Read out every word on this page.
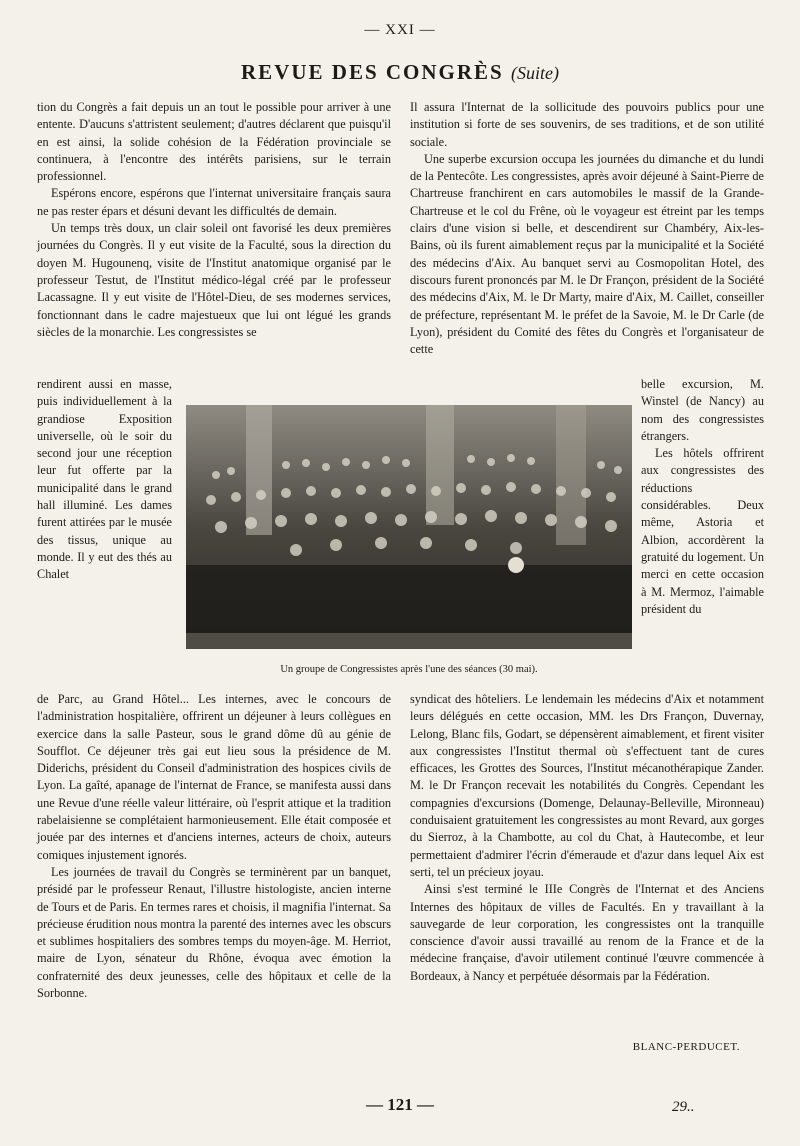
— XXI —
REVUE DES CONGRÈS (Suite)

tion du Congrès a fait depuis un an tout le possible pour arriver à une entente. D'aucuns s'attristent seulement; d'autres déclarent que puisqu'il en est ainsi, la solide cohésion de la Fédération provinciale se continuera, à l'encontre des intérêts parisiens, sur le terrain professionnel.

Espérons encore, espérons que l'internat universitaire français saura ne pas rester épars et désuni devant les difficultés de demain.

Un temps très doux, un clair soleil ont favorisé les deux premières journées du Congrès. Il y eut visite de la Faculté, sous la direction du doyen M. Hugounenq, visite de l'Institut anatomique organisé par le professeur Testut, de l'Institut médico-légal créé par le professeur Lacassagne. Il y eut visite de l'Hôtel-Dieu, de ses modernes services, fonctionnant dans le cadre majestueux que lui ont légué les grands siècles de la monarchie. Les congressistes se

Il assura l'Internat de la sollicitude des pouvoirs publics pour une institution si forte de ses souvenirs, de ses traditions, et de son utilité sociale.

Une superbe excursion occupa les journées du dimanche et du lundi de la Pentecôte. Les congressistes, après avoir déjeuné à Saint-Pierre de Chartreuse franchirent en cars automobiles le massif de la Grande-Chartreuse et le col du Frêne, où le voyageur est étreint par les temps clairs d'une vision si belle, et descendirent sur Chambéry, Aix-les-Bains, où ils furent aimablement reçus par la municipalité et la Société des médecins d'Aix. Au banquet servi au Cosmopolitan Hotel, des discours furent prononcés par M. le Dr Françon, président de la Société des médecins d'Aix, M. le Dr Marty, maire d'Aix, M. Caillet, conseiller de préfecture, représentant M. le préfet de la Savoie, M. le Dr Carle (de Lyon), président du Comité des fêtes du Congrès et l'organisateur de cette

rendirent aussi en masse, puis individuellement à la grandiose Exposition universelle, où le soir du second jour une réception leur fut offerte par la municipalité dans le grand hall illuminé. Les dames furent attirées par le musée des tissus, unique au monde. Il y eut des thés au Chalet

belle excursion, M. Winstel (de Nancy) au nom des congressistes étrangers.

Les hôtels offrirent aux congressistes des réductions considérables. Deux même, Astoria et Albion, accordèrent la gratuité du logement. Un merci en cette occasion à M. Mermoz, l'aimable président du

Un groupe de Congressistes après l'une des séances (30 mai).

de Parc, au Grand Hôtel... Les internes, avec le concours de l'administration hospitalière, offrirent un déjeuner à leurs collègues en exercice dans la salle Pasteur, sous le grand dôme dû au génie de Soufflot. Ce déjeuner très gai eut lieu sous la présidence de M. Diderichs, président du Conseil d'administration des hospices civils de Lyon. La gaîté, apanage de l'internat de France, se manifesta aussi dans une Revue d'une réelle valeur littéraire, où l'esprit attique et la tradition rabelaisienne se complétaient harmonieusement. Elle était composée et jouée par des internes et d'anciens internes, acteurs de choix, auteurs comiques injustement ignorés.

Les journées de travail du Congrès se terminèrent par un banquet, présidé par le professeur Renaut, l'illustre histologiste, ancien interne de Tours et de Paris. En termes rares et choisis, il magnifia l'internat. Sa précieuse érudition nous montra la parenté des internes avec les obscurs et sublimes hospitaliers des sombres temps du moyen-âge. M. Herriot, maire de Lyon, sénateur du Rhône, évoqua avec émotion la confraternité des deux jeunesses, celle des hôpitaux et celle de la Sorbonne.

syndicat des hôteliers. Le lendemain les médecins d'Aix et notamment leurs délégués en cette occasion, MM. les Drs Françon, Duvernay, Lelong, Blanc fils, Godart, se dépensèrent aimablement, et firent visiter aux congressistes l'Institut thermal où s'effectuent tant de cures efficaces, les Grottes des Sources, l'Institut mécanothérapique Zander. M. le Dr Françon recevait les notabilités du Congrès. Cependant les compagnies d'excursions (Domenge, Delaunay-Belleville, Mironneau) conduisaient gratuitement les congressistes au mont Revard, aux gorges du Sierroz, à la Chambotte, au col du Chat, à Hautecombe, et leur permettaient d'admirer l'écrin d'émeraude et d'azur dans lequel Aix est serti, tel un précieux joyau.

Ainsi s'est terminé le IIIe Congrès de l'Internat et des Anciens Internes des hôpitaux de villes de Facultés. En y travaillant à la sauvegarde de leur corporation, les congressistes ont la tranquille conscience d'avoir aussi travaillé au renom de la France et de la médecine française, d'avoir utilement continué l'œuvre commencée à Bordeaux, à Nancy et perpétuée désormais par la Fédération.

BLANC-PERDUCET.
— 121 —	29..
